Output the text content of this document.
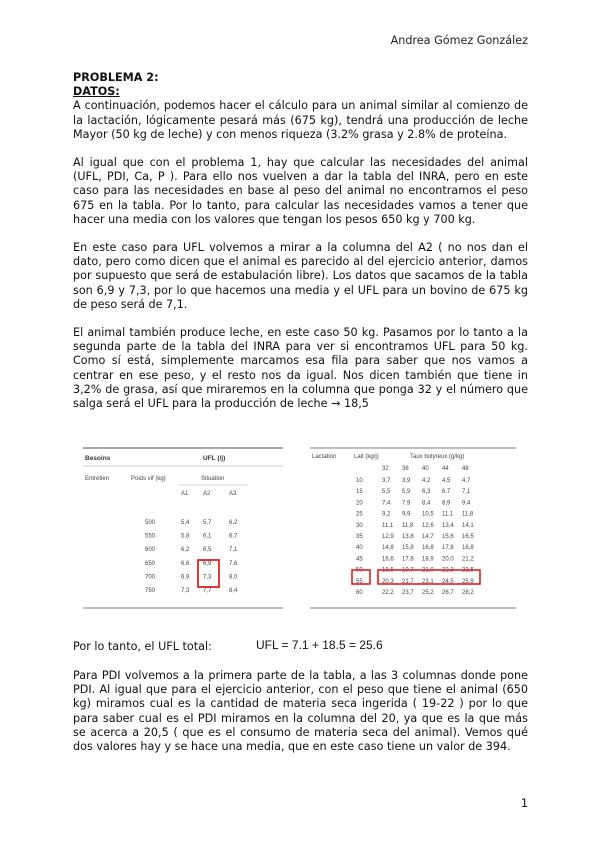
Andrea Gómez González

PROBLEMA 2:

DATOS:

A continuación, podemos hacer el cálculo para un animal similar al comienzo de la lactación, lógicamente pesará más (675 kg), tendrá una producción de leche Mayor (50 kg de leche) y con menos riqueza (3.2% grasa y 2.8% de proteína.

Al igual que con el problema 1, hay que calcular las necesidades del animal (UFL, PDI, Ca, P ). Para ello nos vuelven a dar la tabla del INRA, pero en este caso para las necesidades en base al peso del animal no encontramos el peso 675 en la tabla. Por lo tanto, para calcular las necesidades vamos a tener que hacer una media con los valores que tengan los pesos 650 kg y 700 kg.

En este caso para UFL volvemos a mirar a la columna del A2 ( no nos dan el dato, pero como dicen que el animal es parecido al del ejercicio anterior, damos por supuesto que será de estabulación libre). Los datos que sacamos de la tabla son 6,9 y 7,3, por lo que hacemos una media y el UFL para un bovino de 675 kg de peso será de 7,1.

El animal también produce leche, en este caso 50 kg. Pasamos por lo tanto a la segunda parte de la tabla del INRA para ver si encontramos UFL para 50 kg. Como sí está, simplemente marcamos esa fila para saber que nos vamos a centrar en ese peso, y el resto nos da igual. Nos dicen también que tiene in 3,2% de grasa, así que miraremos en la columna que ponga 32 y el número que salga será el UFL para la producción de leche → 18,5

Besoins	UFL (/j)
Entretien	Poids vif (kg)	Situation
A1 A2	A3
500	5,4 5,7	6,2
550	5,8 6,1	6,7
600	6,2 6,5	7,1
650	6,6 6,9	7,6
700	6,9 7,3	8,0
750	7,3 7,7	8,4
Lactation	Lait (kg/j)	Taux butyreux (g/kg)
32 36 40 44 48
10	3,7 3,9 4,2 4,5 4,7
15	5,5 5,9 6,3 6,7 7,1
20	7,4 7,9 8,4 8,9 9,4
25	9,2 9,9 10,5 11,1 11,8
30	11,1 11,8 12,6 13,4 14,1
35	12,9 13,8 14,7 15,6 16,5
40	14,8 15,8 16,8 17,8 18,8
45	16,6 17,8 18,9 20,0 21,2
50	18,5 19,7 21,0 22,3 23,5
55	20,3 21,7 23,1 24,5 25,9
60	22,2 23,7 25,2 26,7 28,2
Por lo tanto, el UFL total:	UFL = 7.1 + 18.5 = 25.6

Para PDI volvemos a la primera parte de la tabla, a las 3 columnas donde pone PDI. Al igual que para el ejercicio anterior, con el peso que tiene el animal (650 kg) miramos cual es la cantidad de materia seca ingerida ( 19-22 ) por lo que para saber cual es el PDI miramos en la columna del 20, ya que es la que más se acerca a 20,5 ( que es el consumo de materia seca del animal). Vemos qué dos valores hay y se hace una media, que en este caso tiene un valor de 394.

1
